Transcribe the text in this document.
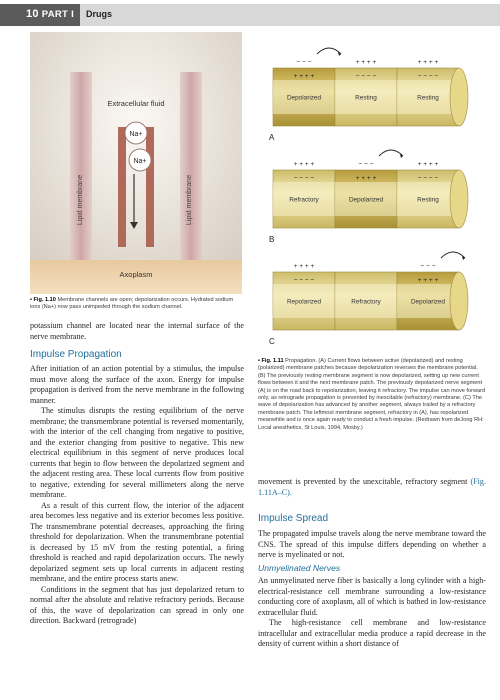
10 PART I Drugs
Extracellular fluid
Na+
Na+
Lipid membrane	Lipid membrane
Axoplasm
• Fig. 1.10 Membrane channels are open; depolarization occurs. Hydrated sodium ions (Na+) now pass unimpeded through the sodium channel.

potassium channel are located near the internal surface of the nerve membrane.

Impulse Propagation

After initiation of an action potential by a stimulus, the impulse must move along the surface of the axon. Energy for impulse propagation is derived from the nerve membrane in the following manner.

The stimulus disrupts the resting equilibrium of the nerve membrane; the transmembrane potential is reversed momentarily, with the interior of the cell changing from negative to positive, and the exterior changing from positive to negative. This new electrical equilibrium in this segment of nerve produces local currents that begin to flow between the depolarized segment and the adjacent resting area. These local currents flow from positive to negative, extending for several millimeters along the nerve membrane.

As a result of this current flow, the interior of the adjacent area becomes less negative and its exterior becomes less positive. The transmembrane potential decreases, approaching the firing threshold for depolarization. When the transmembrane potential is decreased by 15 mV from the resting potential, a firing threshold is reached and rapid depolarization occurs. The newly depolarized segment sets up local currents in adjacent resting membrane, and the entire process starts anew.

Conditions in the segment that has just depolarized return to normal after the absolute and relative refractory periods. Because of this, the wave of depolarization can spread in only one direction. Backward (retrograde)

Depolarized
− − −
+ + + +
Resting
+ + + +
− − − −
Resting
+ + + +
− − − −
A
Refractory
+ + + +
− − − −
Depolarized
− − −
+ + + +
Resting
+ + + +
− − − −
B
Repolarized
+ + + +
− − − −
Refractory	Depolarized
− − −
+ + + +
C
• Fig. 1.11 Propagation. (A) Current flows between active (depolarized) and resting (polarized) membrane patches because depolarization reverses the membrane potential. (B) The previously resting membrane segment is now depolarized, setting up new current flows between it and the next membrane patch. The previously depolarized nerve segment (A) is on the road back to repolarization, leaving it refractory. The impulse can move forward only, as retrograde propagation is prevented by inexcitable (refractory) membrane. (C) The wave of depolarization has advanced by another segment, always trailed by a refractory membrane patch. The leftmost membrane segment, refractory in (A), has repolarized meanwhile and is once again ready to conduct a fresh impulse. (Redrawn from deJong RH: Local anesthetics, St Louis, 1994, Mosby.)

movement is prevented by the unexcitable, refractory segment (Fig. 1.11A–C).

Impulse Spread

The propagated impulse travels along the nerve membrane toward the CNS. The spread of this impulse differs depending on whether a nerve is myelinated or not.

Unmyelinated Nerves

An unmyelinated nerve fiber is basically a long cylinder with a high-electrical-resistance cell membrane surrounding a low-resistance conducting core of axoplasm, all of which is bathed in low-resistance extracellular fluid.

The high-resistance cell membrane and low-resistance intracellular and extracellular media produce a rapid decrease in the density of current within a short distance of
